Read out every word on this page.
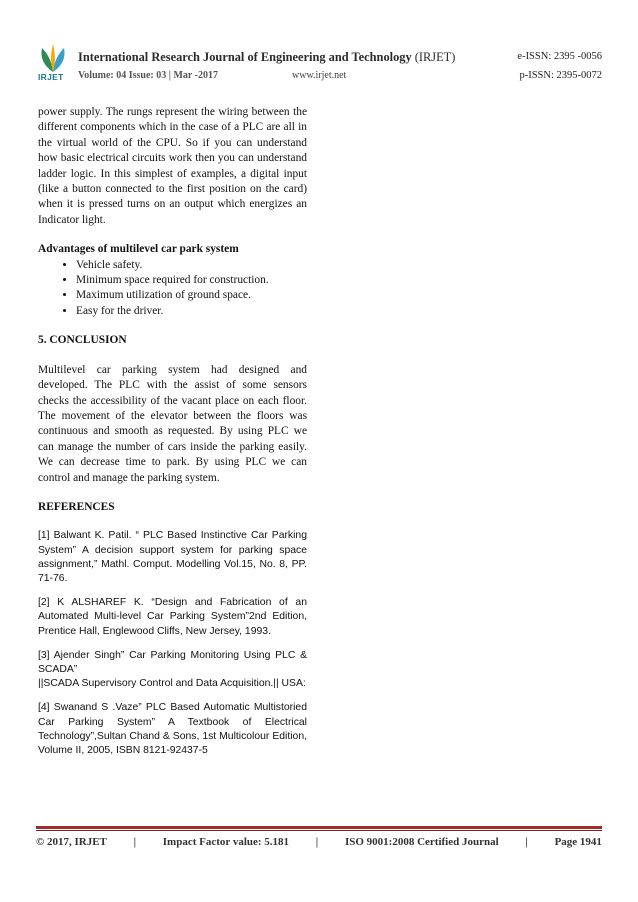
IRJET
International Research Journal of Engineering and Technology (IRJET)	e-ISSN: 2395 -0056
Volume: 04 Issue: 03 | Mar -2017	www.irjet.net	p-ISSN: 2395-0072

power supply. The rungs represent the wiring between the different components which in the case of a PLC are all in the virtual world of the CPU. So if you can understand how basic electrical circuits work then you can understand ladder logic. In this simplest of examples, a digital input (like a button connected to the first position on the card) when it is pressed turns on an output which energizes an Indicator light.

Advantages of multilevel car park system

• Vehicle safety.
• Minimum space required for construction.
• Maximum utilization of ground space.
• Easy for the driver.

5. CONCLUSION

Multilevel car parking system had designed and developed. The PLC with the assist of some sensors checks the accessibility of the vacant place on each floor. The movement of the elevator between the floors was continuous and smooth as requested. By using PLC we can manage the number of cars inside the parking easily. We can decrease time to park. By using PLC we can control and manage the parking system.

REFERENCES

[1] Balwant K. Patil. “ PLC Based Instinctive Car Parking System” A decision support system for parking space assignment,” Mathl. Comput. Modelling Vol.15, No. 8, PP. 71-76.

[2] K ALSHAREF K. “Design and Fabrication of an Automated Multi-level Car Parking System”2nd Edition, Prentice Hall, Englewood Cliffs, New Jersey, 1993.

[3] Ajender Singh” Car Parking Monitoring Using PLC & SCADA”

||SCADA Supervisory Control and Data Acquisition.|| USA:

[4] Swanand S .Vaze” PLC Based Automatic Multistoried Car Parking System” A Textbook of Electrical Technology”,Sultan Chand & Sons, 1st Multicolour Edition, Volume II, 2005, ISBN 8121-92437-5

© 2017, IRJET | Impact Factor value: 5.181 | ISO 9001:2008 Certified Journal | Page 1941
